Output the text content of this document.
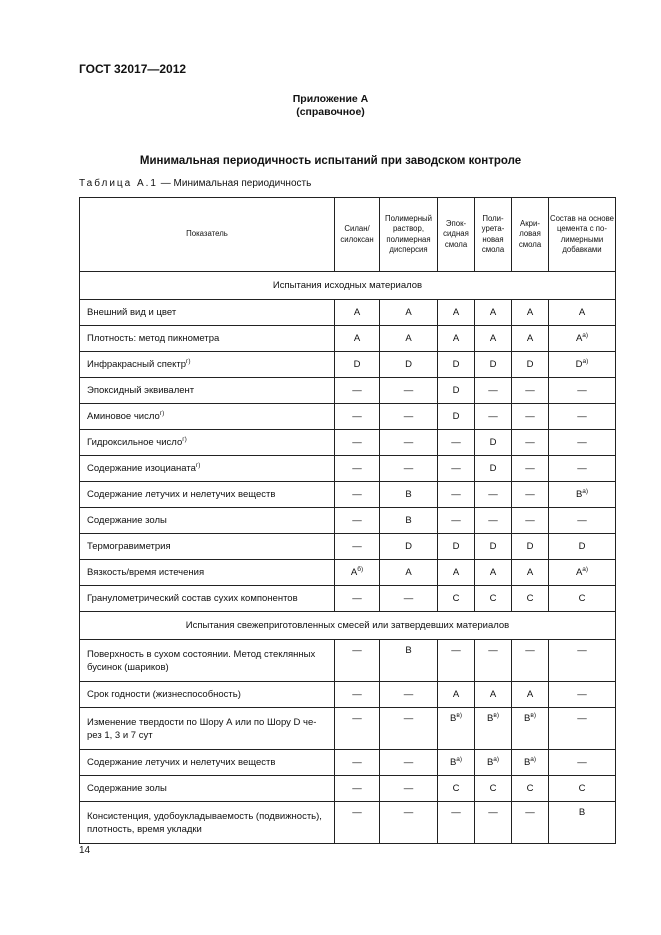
ГОСТ 32017—2012
Приложение А
(справочное)
Минимальная периодичность испытаний при заводском контроле
Таблица А.1 — Минимальная периодичность
Показатель	Силан/ силоксан	Полимерный раствор, полимерная дисперсия	Эпок- сидная смола	Поли- урета- новая смола	Акри- ловая смола	Состав на основе цемента с по- лимерными добавками
Испытания исходных материалов						
Внешний вид и цвет	A	A	A	A	A	A
Плотность: метод пикнометра	A	A	A	A	A	$A^{а)}$
Инфракрасный спектр$^{г)}$	D	D	D	D	D	$D^{а)}$
Эпоксидный эквивалент	—	—	D	—	—	—
Аминовое число$^{г)}$	—	—	D	—	—	—
Гидроксильное число$^{г)}$	—	—	—	D	—	—
Содержание изоцианата$^{г)}$	—	—	—	D	—	—
Содержание летучих и нелетучих веществ	—	B	—	—	—	$B^{а)}$
Содержание золы	—	B	—	—	—	—
Термогравиметрия	—	D	D	D	D	D
Вязкость/время истечения	$A^{б)}$	A	A	A	A	$A^{а)}$
Гранулометрический состав сухих компонентов	—	—	C	C	C	C
Испытания свежеприготовленных смесей или затвердевших материалов						
Поверхность в сухом состоянии. Метод стеклянных бусинок (шариков)	—	B	—	—	—	—
Срок годности (жизнеспособность)	—	—	A	A	A	—
Изменение твердости по Шору А или по Шору D че- рез 1, 3 и 7 сут	—	—	$B^{в)}$	$B^{в)}$	$B^{в)}$	—
Содержание летучих и нелетучих веществ	—	—	$B^{а)}$	$B^{а)}$	$B^{а)}$	—
Содержание золы	—	—	C	C	C	C
Консистенция, удобоукладываемость (подвижность), плотность, время укладки	—	—	—	—	—	B
14
